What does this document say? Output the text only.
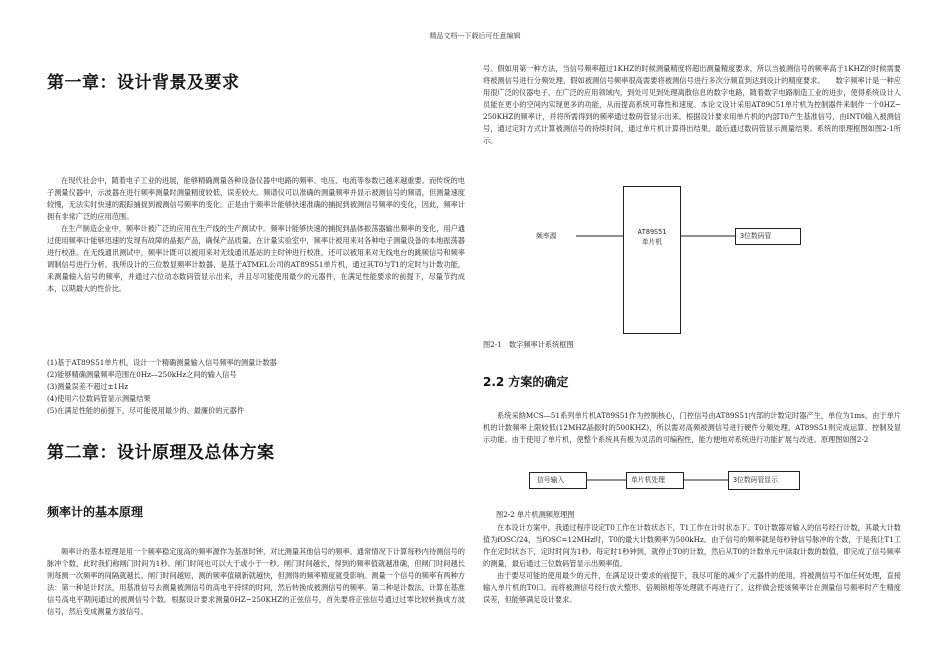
精品文档---下载后可任意编辑
第一章：设计背景及要求

在现代社会中，随着电子工业的进展，能够精确测量各种设备仪器中电路的频率、电压、电流等参数已越来越重要。而传统的电子测量仪器中，示波器在进行频率测量时测量精度较低，误差较大。频谱仪可以准确的测量频率并显示被测信号的频谱，但测量速度较慢，无法实时快速的跟踪捕捉到被测信号频率的变化。正是由于频率计能够快速准确的捕捉到被测信号频率的变化，因此，频率计拥有非常广泛的应用范围。

在生产制造企业中，频率计被广泛的应用在生产线的生产测试中。频率计能够快速的捕捉到晶体振荡器输出频率的变化，用户通过使用频率计能够迅速的发现有故障的晶振产品，确保产品质量。在计量实验室中，频率计被用来对各种电子测量设备的本地振荡器进行校准。在无线通讯测试中，频率计既可以被用来对无线通讯基站的主时钟进行校准，还可以被用来对无线电台的跳频信号和频率调制信号进行分析。我所设计的三位数显频率计数器，是基于ATMEL公司的AT89S51单片机，通过其T0与T1的定时与计数功能，来测量输入信号的频率，并通过六位动态数码管显示出来，并且尽可能使用最少的元器件，在满足性能要求的前提下，尽量节约成本，以期最大的性价比。

(1)基于AT89S51单片机，设计一个精确测量输入信号频率的测量计数器

(2)能够精确测量频率范围在0Hz—250kHz之间的输入信号

(3)测量误差不超过±1Hz

(4)使用六位数码管显示测量结果

(5)在满足性能的前提下，尽可能使用最少的、最廉价的元器件

第二章：设计原理及总体方案
频率计的基本原理

频率计的基本原理是用一个频率稳定度高的频率源作为基准时钟，对比测量其他信号的频率。通常情况下计算每秒内待测信号的脉冲个数，此时我们称闸门时间为1秒。闸门时间也可以大于或小于一秒。闸门时间越长，得到的频率值就越准确，但闸门时间越长则每测一次频率的间隔就越长。闸门时间越短，测的频率值刷新就越快，但测得的频率精度就受影响。测量一个信号的频率有两种方法：第一种是计时法，用基准信号去测量被测信号的高电平持续的时间，然后转换成被测信号的频率。第二种是计数法，计算在基准信号高电平期间通过的被测信号个数。根据设计要求测量0HZ~250KHZ的正弦信号，首先要将正弦信号通过过零比较转换成方波信号，然后变成测量方波信号。

号。假如用第一种方法，当信号频率超过1KHZ的时候测量精度将超出测量精度要求，所以当被测信号的频率高于1KHZ的时候需要将被测信号进行分频处理，假如被测信号频率很高需要将被测信号进行多次分频直到达到设计的精度要求。　　数字频率计是一种应用很广泛的仪器电子，在广泛的应用领域内，到处可见到处理离散信息的数字电路，随着数字电路制造工业的进步，使得系统设计人员能在更小的空间内实现更多的功能，从而提高系统可靠性和速度。本论文设计采用AT89C51单片机为控制器件来制作一个0HZ~250KHZ的频率计，并将所需得到的频率通过数码管显示出来。根据设计要求用单片机的内部T0产生基准信号，由INT0输入被测信号，通过定时方式计算被测信号的持续时间，通过单片机计算得出结果，最后通过数码管显示测量结果。系统的原理框图如图2-1所示。

频率源	AT89S51
单片机

3位数码管
图2-1　数字频率计系统框图
2.2 方案的确定

系统采纳MCS—51系列单片机AT89S51作为控制核心，门控信号由AT89S51内部的计数定时器产生，单位为1ms。由于单片机的计数频率上限较低(12MHZ晶振时的500KHZ)，所以需对高频被测信号进行硬件分频处理，AT89S51则完成运算、控制及显示功能。由于使用了单片机，使整个系统具有极为灵活的可编程性，能方便地对系统进行功能扩展与改进。原理图如图2-2

信号输入	单片机处理	3位数码管显示
图2-2 单片机测频原理图

在本设计方案中，我通过程序设定T0工作在计数状态下，T1工作在计时状态下。T0计数器对输入的信号经行计数，其最大计数值为fOSC/24，当fOSC=12MHz时，T0的最大计数频率为500kHz。由于信号的频率就是每秒钟信号脉冲的个数，于是我让T1工作在定时状态下，定时时间为1秒。每定时1秒钟到，就停止T0的计数，然后从T0的计数单元中读取计数的数值，即完成了信号频率的测量，最后通过三位数码管显示出频率值。

由于要尽可能的使用最少的元件，在满足设计要求的前提下，我尽可能的减少了元器件的使用，将被测信号不加任何处理，直接输入单片机的T0口。而将被测信号经行放大整形、倍频锁相等处理就不再进行了。这样做会使该频率计在测量信号频率时产生精度误差，但能够满足设计要求。
